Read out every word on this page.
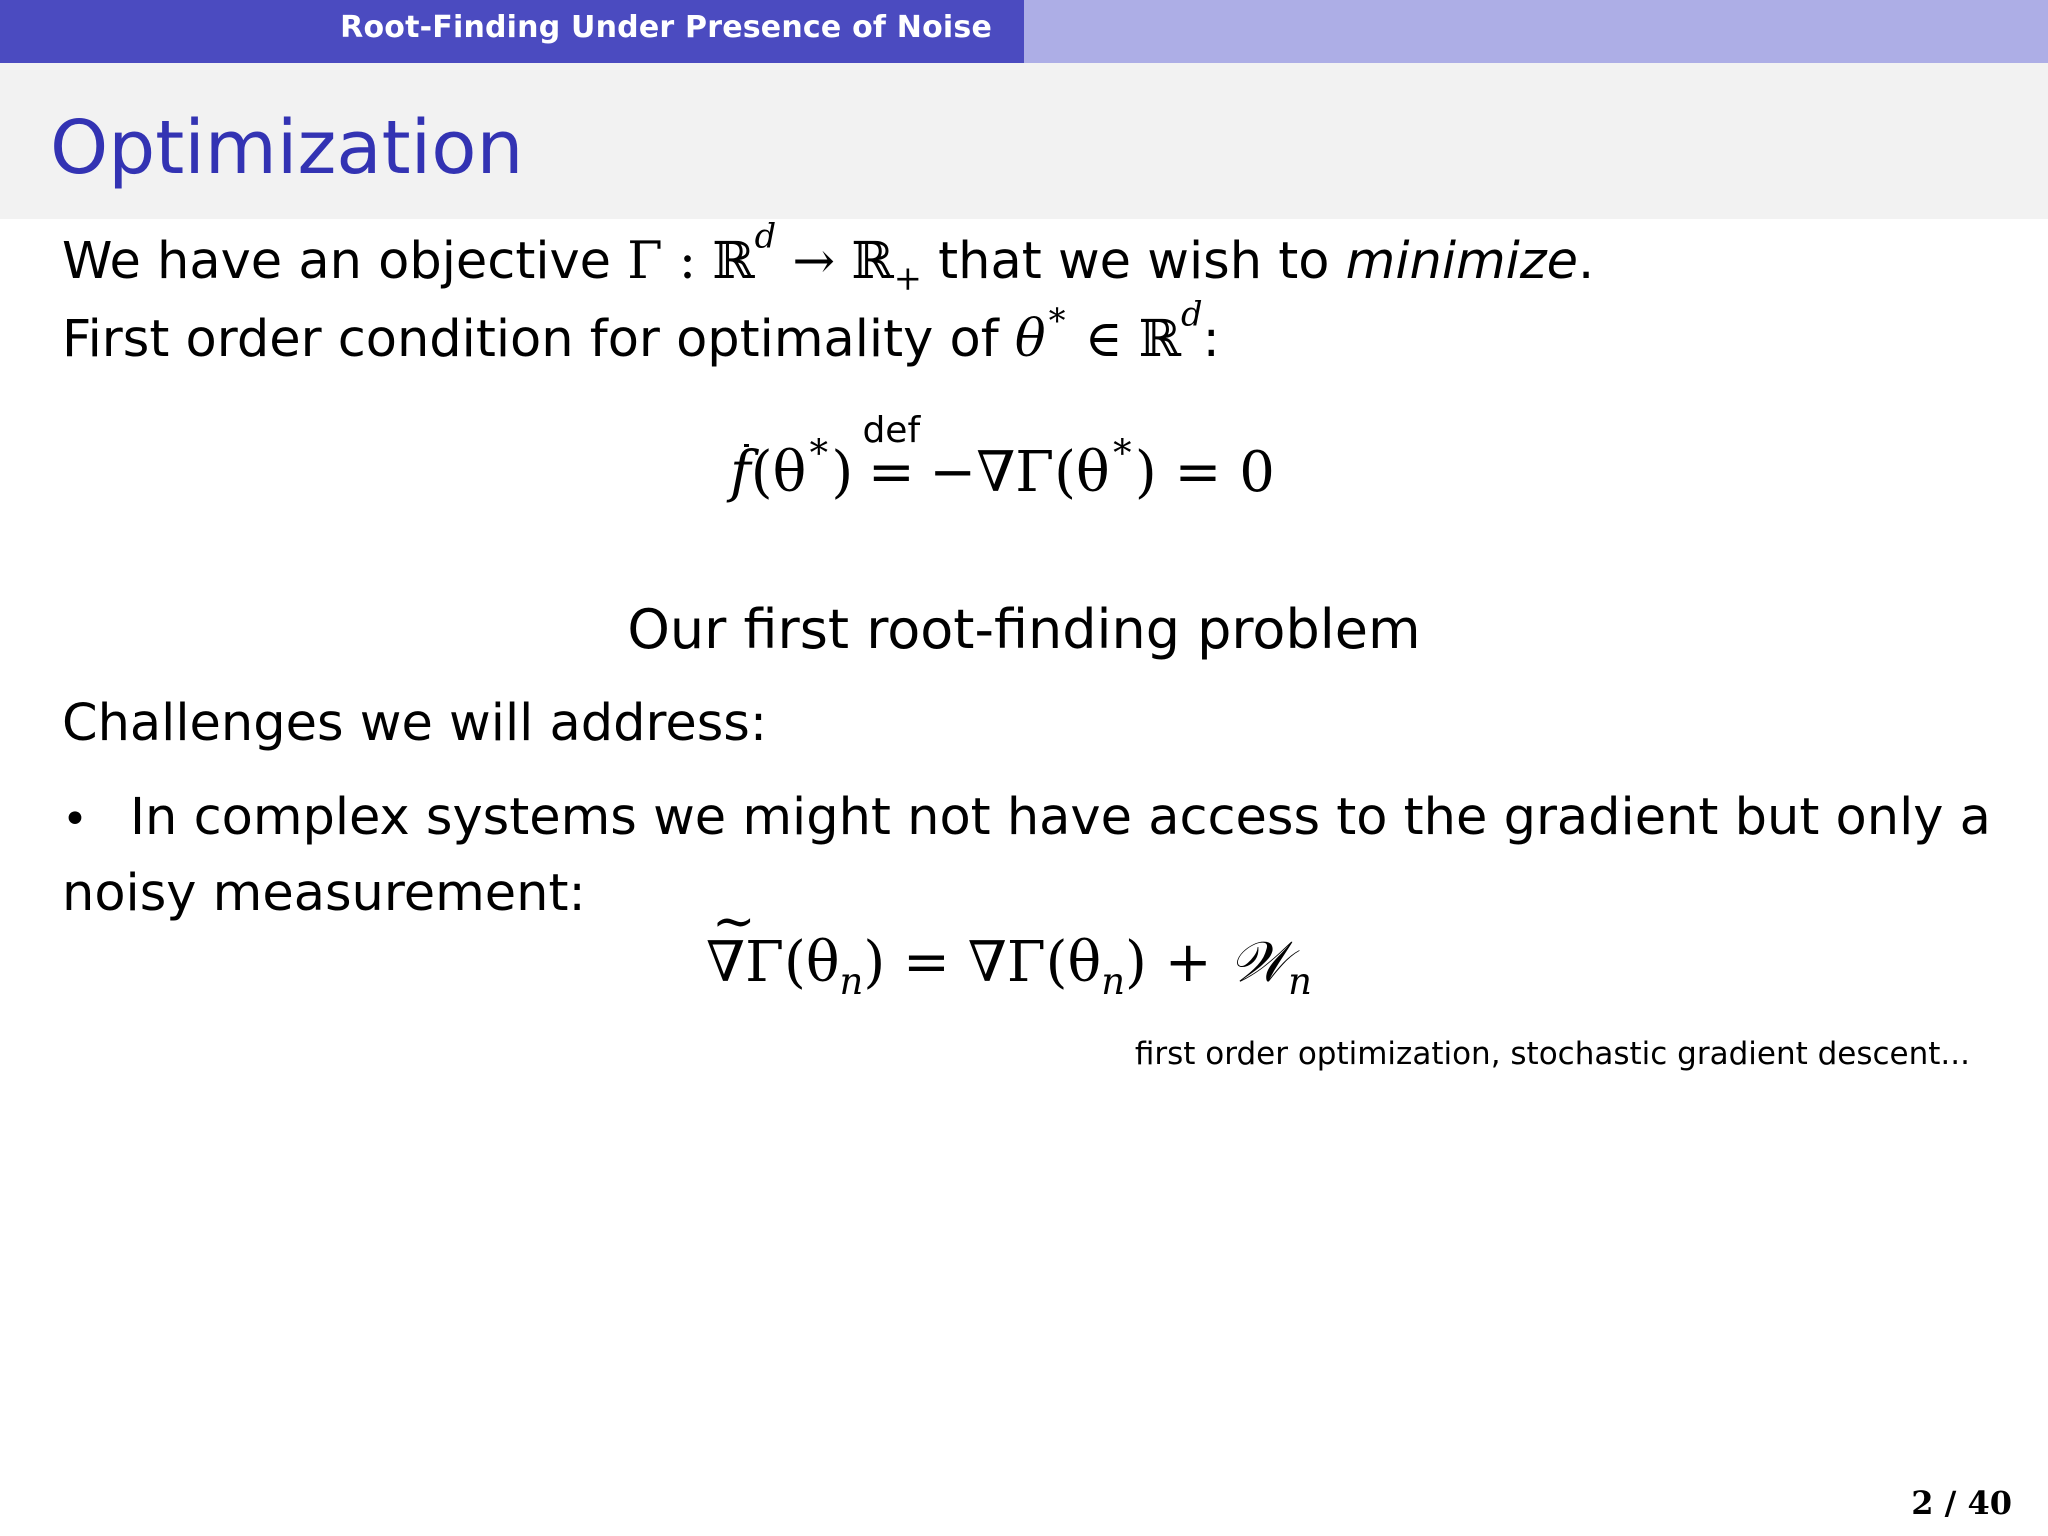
Root-Finding Under Presence of Noise
Optimization
We have an objective Γ : ℝ$^d$ → ℝ$_+$ that we wish to minimize.
First order condition for optimality of θ∗ ∈ ℝ$^d$:
f(θ∗)
def
= −∇Γ(θ∗) = 0
Our first root-finding problem
Challenges we will address:
• In complex systems we might not have access to the gradient but only a
noisy measurement:
~ $\nabla\Gamma(\theta_n) = \nabla\Gamma(\theta_n)$ + 𝒲$_n$
first order optimization, stochastic gradient descent...
2 / 40
